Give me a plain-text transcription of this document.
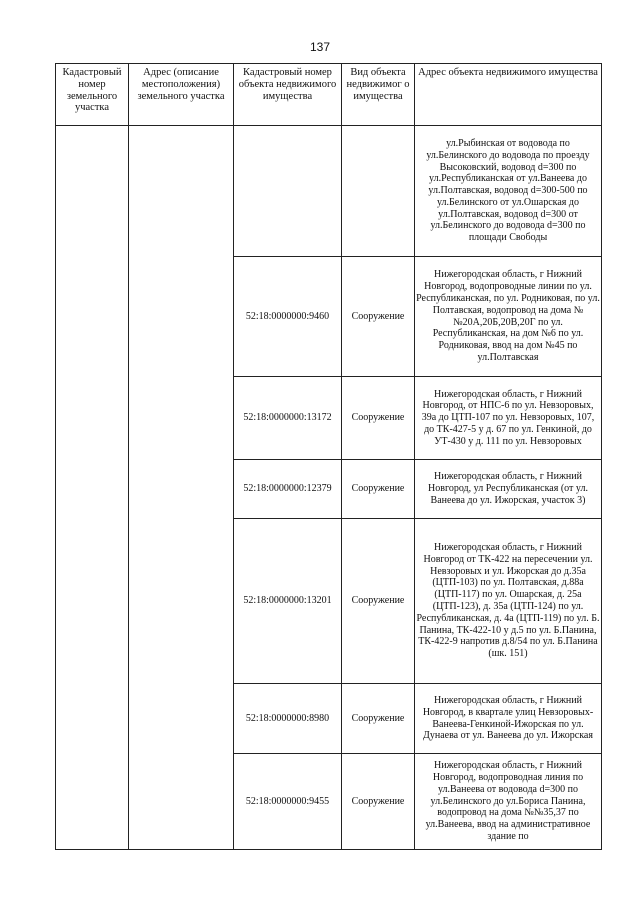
137
Кадастровый номер земельного участка	Адрес (описание местоположения) земельного участка	Кадастровый номер объекта недвижимого имущества	Вид объекта недвижимог о имущества	Адрес объекта недвижимого имущества
				ул.Рыбинская от водовода по ул.Белинского до водовода по проезду Высоковский, водовод d=300 по ул.Республиканская от ул.Ванеева до ул.Полтавская, водовод d=300-500 по ул.Белинского от ул.Ошарская до ул.Полтавская, водовод d=300 от ул.Белинского до водовода d=300 по площади Свободы
		52:18:0000000:9460	Сооружение	Нижегородская область, г Нижний Новгород, водопроводные линии по ул. Республиканская, по ул. Родниковая, по ул. Полтавская, водопровод на дома №№20А,20Б,20В,20Г по ул. Республиканская, на дом №6 по ул. Родниковая, ввод на дом №45 по ул.Полтавская
		52:18:0000000:13172	Сооружение	Нижегородская область, г Нижний Новгород, от НПС-6 по ул. Невзоровых, 39а до ЦТП-107 по ул. Невзоровых, 107, до ТК-427-5 у д. 67 по ул. Генкиной, до УТ-430 у д. 111 по ул. Невзоровых
		52:18:0000000:12379	Сооружение	Нижегородская область, г Нижний Новгород, ул Республиканская (от ул. Ванеева до ул. Ижорская, участок 3)
		52:18:0000000:13201	Сооружение	Нижегородская область, г Нижний Новгород от ТК-422 на пересечении ул. Невзоровых и ул. Ижорская до д.35а (ЦТП-103) по ул. Полтавская, д.88а (ЦТП-117) по ул. Ошарская, д. 25а (ЦТП-123), д. 35а (ЦТП-124) по ул. Республиканская, д. 4а (ЦТП-119) по ул. Б. Панина, ТК-422-10 у д.5 по ул. Б.Панина, ТК-422-9 напротив д.8/54 по ул. Б.Панина (шк. 151)
		52:18:0000000:8980	Сооружение	Нижегородская область, г Нижний Новгород, в квартале улиц Невзоровых-Ванеева-Генкиной-Ижорская по ул. Дунаева от ул. Ванеева до ул. Ижорская
		52:18:0000000:9455	Сооружение	Нижегородская область, г Нижний Новгород, водопроводная линия по ул.Ванеева от водовода d=300 по ул.Белинского до ул.Бориса Панина, водопровод на дома №№35,37 по ул.Ванеева, ввод на административное здание по
